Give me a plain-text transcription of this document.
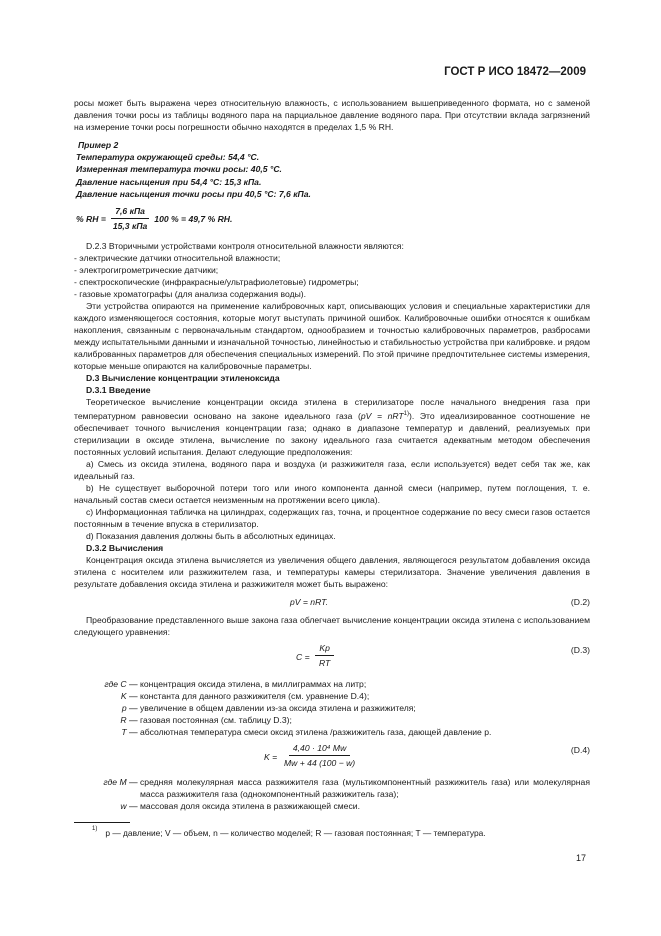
ГОСТ Р ИСО 18472—2009

росы может быть выражена через относительную влажность, с использованием вышеприведенного формата, но с заменой давления точки росы из таблицы водяного пара на парциальное давление водяного пара. При отсутствии вклада загрязнений на измерение точки росы погрешности обычно находятся в пределах 1,5 % RH.

Пример 2

Температура окружающей среды: 54,4 °С.

Измеренная температура точки росы: 40,5 °С.

Давление насыщения при 54,4 °С: 15,3 кПа.

Давление насыщения точки росы при 40,5 °С: 7,6 кПа.

% RH = $\frac{\text{7,6 кПа}}{\text{15,3 кПа}} 100$ % = 49,7 % RH.

D.2.3 Вторичными устройствами контроля относительной влажности являются:

- электрические датчики относительной влажности;

- электрогигрометрические датчики;

- спектроскопические (инфракрасные/ультрафиолетовые) гидрометры;

- газовые хроматографы (для анализа содержания воды).

Эти устройства опираются на применение калибровочных карт, описывающих условия и специальные характеристики для каждого изменяющегося состояния, которые могут выступать причиной ошибок. Калибровочные ошибки относятся к ошибкам накопления, связанным с первоначальным стандартом, однообразием и точностью калибровочных параметров, разбросами между испытательными данными и изначальной точностью, линейностью и стабильностью устройства при калибровке. и рядом калиброванных параметров для обеспечения специальных измерений. По этой причине предпочтительнее системы измерения, которые меньше опираются на калибровочные параметры.

D.3 Вычисление концентрации этиленоксида

D.3.1 Введение

Теоретическое вычисление концентрации оксида этилена в стерилизаторе после начального внедрения газа при температурном равновесии основано на законе идеального газа (pV = nRT$^{1)}$). Это идеализированное соотношение не обеспечивает точного вычисления концентрации газа; однако в диапазоне температур и давлений, реализуемых при стерилизации в оксиде этилена, вычисление по закону идеального газа считается адекватным методом обеспечения постоянных условий испытания. Делают следующие предположения:

a) Смесь из оксида этилена, водяного пара и воздуха (и разжижителя газа, если используется) ведет себя так же, как идеальный газ.

b) Не существует выборочной потери того или иного компонента данной смеси (например, путем поглощения, т. е. начальный состав смеси остается неизменным на протяжении всего цикла).

c) Информационная табличка на цилиндрах, содержащих газ, точна, и процентное содержание по весу смеси газов остается постоянным в течение впуска в стерилизатор.

d) Показания давления должны быть в абсолютных единицах.

D.3.2 Вычисления

Концентрация оксида этилена вычисляется из увеличения общего давления, являющегося результатом добавления оксида этилена с носителем или разжижителем газа, и температуры камеры стерилизатора. Значение увеличения давления в результате добавления оксида этилена и разжижителя может быть выражено:

pV = nRT.	(D.2)

Преобразование представленного выше закона газа облегчает вычисление концентрации оксида этилена с использованием следующего уравнения:

$C = \frac{Kp}{RT}$	(D.3)
где C — концентрация оксида этилена, в миллиграммах на литр;
K — константа для данного разжижителя (см. уравнение D.4);
p — увеличение в общем давлении из-за оксида этилена и разжижителя;
R — газовая постоянная (см. таблицу D.3);
T — абсолютная температура смеси оксид этилена /разжижитель газа, дающей давление p.
$K = \frac{\text{4,40 · 10⁴ Mw}}{Mw + 44 (100 - w)}$	(D.4)
где M — средняя молекулярная масса разжижителя газа (мультикомпонентный разжижитель газа) или молекулярная масса разжижителя газа (однокомпонентный разжижитель газа);
w — массовая доля оксида этилена в разжижающей смеси.
$^{1)}$ p — давление; V — объем, n — количество моделей; R — газовая постоянная; T — температура.
17
